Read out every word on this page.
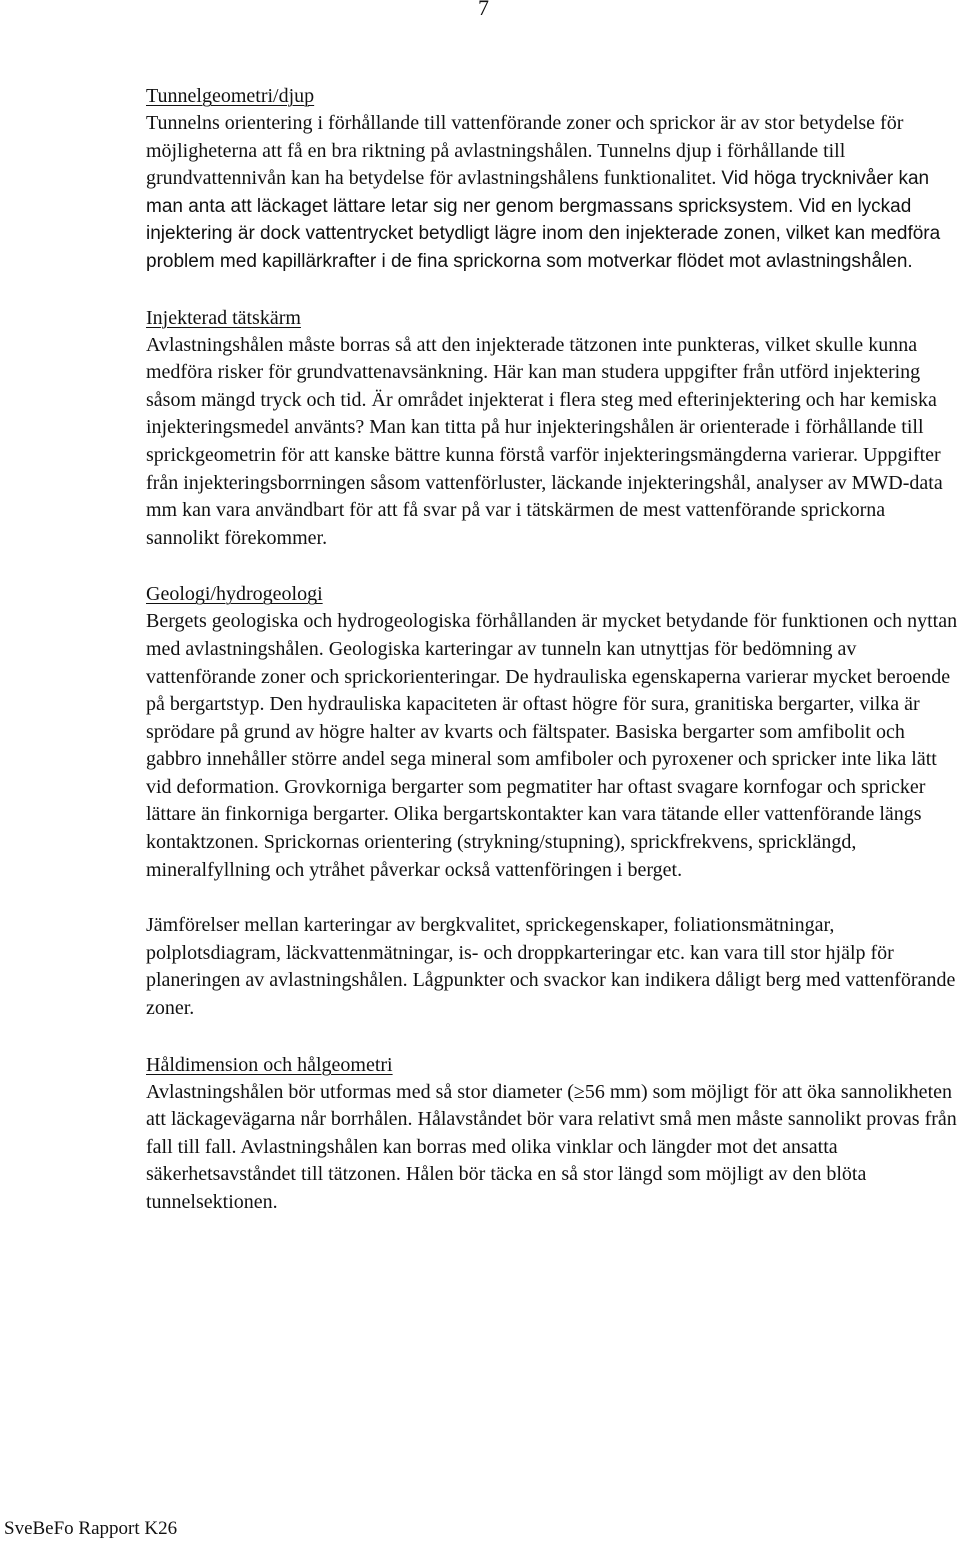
7

Tunnelgeometri/djup

Tunnelns orientering i förhållande till vattenförande zoner och sprickor är av stor betydelse för möjligheterna att få en bra riktning på avlastningshålen. Tunnelns djup i förhållande till grundvattennivån kan ha betydelse för avlastningshålens funktionalitet. Vid höga trycknivåer kan man anta att läckaget lättare letar sig ner genom bergmassans spricksystem. Vid en lyckad injektering är dock vattentrycket betydligt lägre inom den injekterade zonen, vilket kan medföra problem med kapillärkrafter i de fina sprickorna som motverkar flödet mot avlastningshålen.

Injekterad tätskärm

Avlastningshålen måste borras så att den injekterade tätzonen inte punkteras, vilket skulle kunna medföra risker för grundvattenavsänkning. Här kan man studera uppgifter från utförd injektering såsom mängd tryck och tid. Är området injekterat i flera steg med efterinjektering och har kemiska injekteringsmedel använts? Man kan titta på hur injekteringshålen är orienterade i förhållande till sprickgeometrin för att kanske bättre kunna förstå varför injekteringsmängderna varierar. Uppgifter från injekteringsborrningen såsom vattenförluster, läckande injekteringshål, analyser av MWD-data mm kan vara användbart för att få svar på var i tätskärmen de mest vattenförande sprickorna sannolikt förekommer.

Geologi/hydrogeologi

Bergets geologiska och hydrogeologiska förhållanden är mycket betydande för funktionen och nyttan med avlastningshålen. Geologiska karteringar av tunneln kan utnyttjas för bedömning av vattenförande zoner och sprickorienteringar. De hydrauliska egenskaperna varierar mycket beroende på bergartstyp. Den hydrauliska kapaciteten är oftast högre för sura, granitiska bergarter, vilka är sprödare på grund av högre halter av kvarts och fältspater. Basiska bergarter som amfibolit och gabbro innehåller större andel sega mineral som amfiboler och pyroxener och spricker inte lika lätt vid deformation. Grovkorniga bergarter som pegmatiter har oftast svagare kornfogar och spricker lättare än finkorniga bergarter. Olika bergartskontakter kan vara tätande eller vattenförande längs kontaktzonen. Sprickornas orientering (strykning/stupning), sprickfrekvens, spricklängd, mineralfyllning och ytråhet påverkar också vattenföringen i berget.

Jämförelser mellan karteringar av bergkvalitet, sprickegenskaper, foliationsmätningar, polplotsdiagram, läckvattenmätningar, is- och droppkarteringar etc. kan vara till stor hjälp för planeringen av avlastningshålen. Lågpunkter och svackor kan indikera dåligt berg med vattenförande zoner.

Håldimension och hålgeometri

Avlastningshålen bör utformas med så stor diameter (≥56 mm) som möjligt för att öka sannolikheten att läckagevägarna når borrhålen. Hålavståndet bör vara relativt små men måste sannolikt provas från fall till fall. Avlastningshålen kan borras med olika vinklar och längder mot det ansatta säkerhetsavståndet till tätzonen. Hålen bör täcka en så stor längd som möjligt av den blöta tunnelsektionen.

SveBeFo Rapport K26
